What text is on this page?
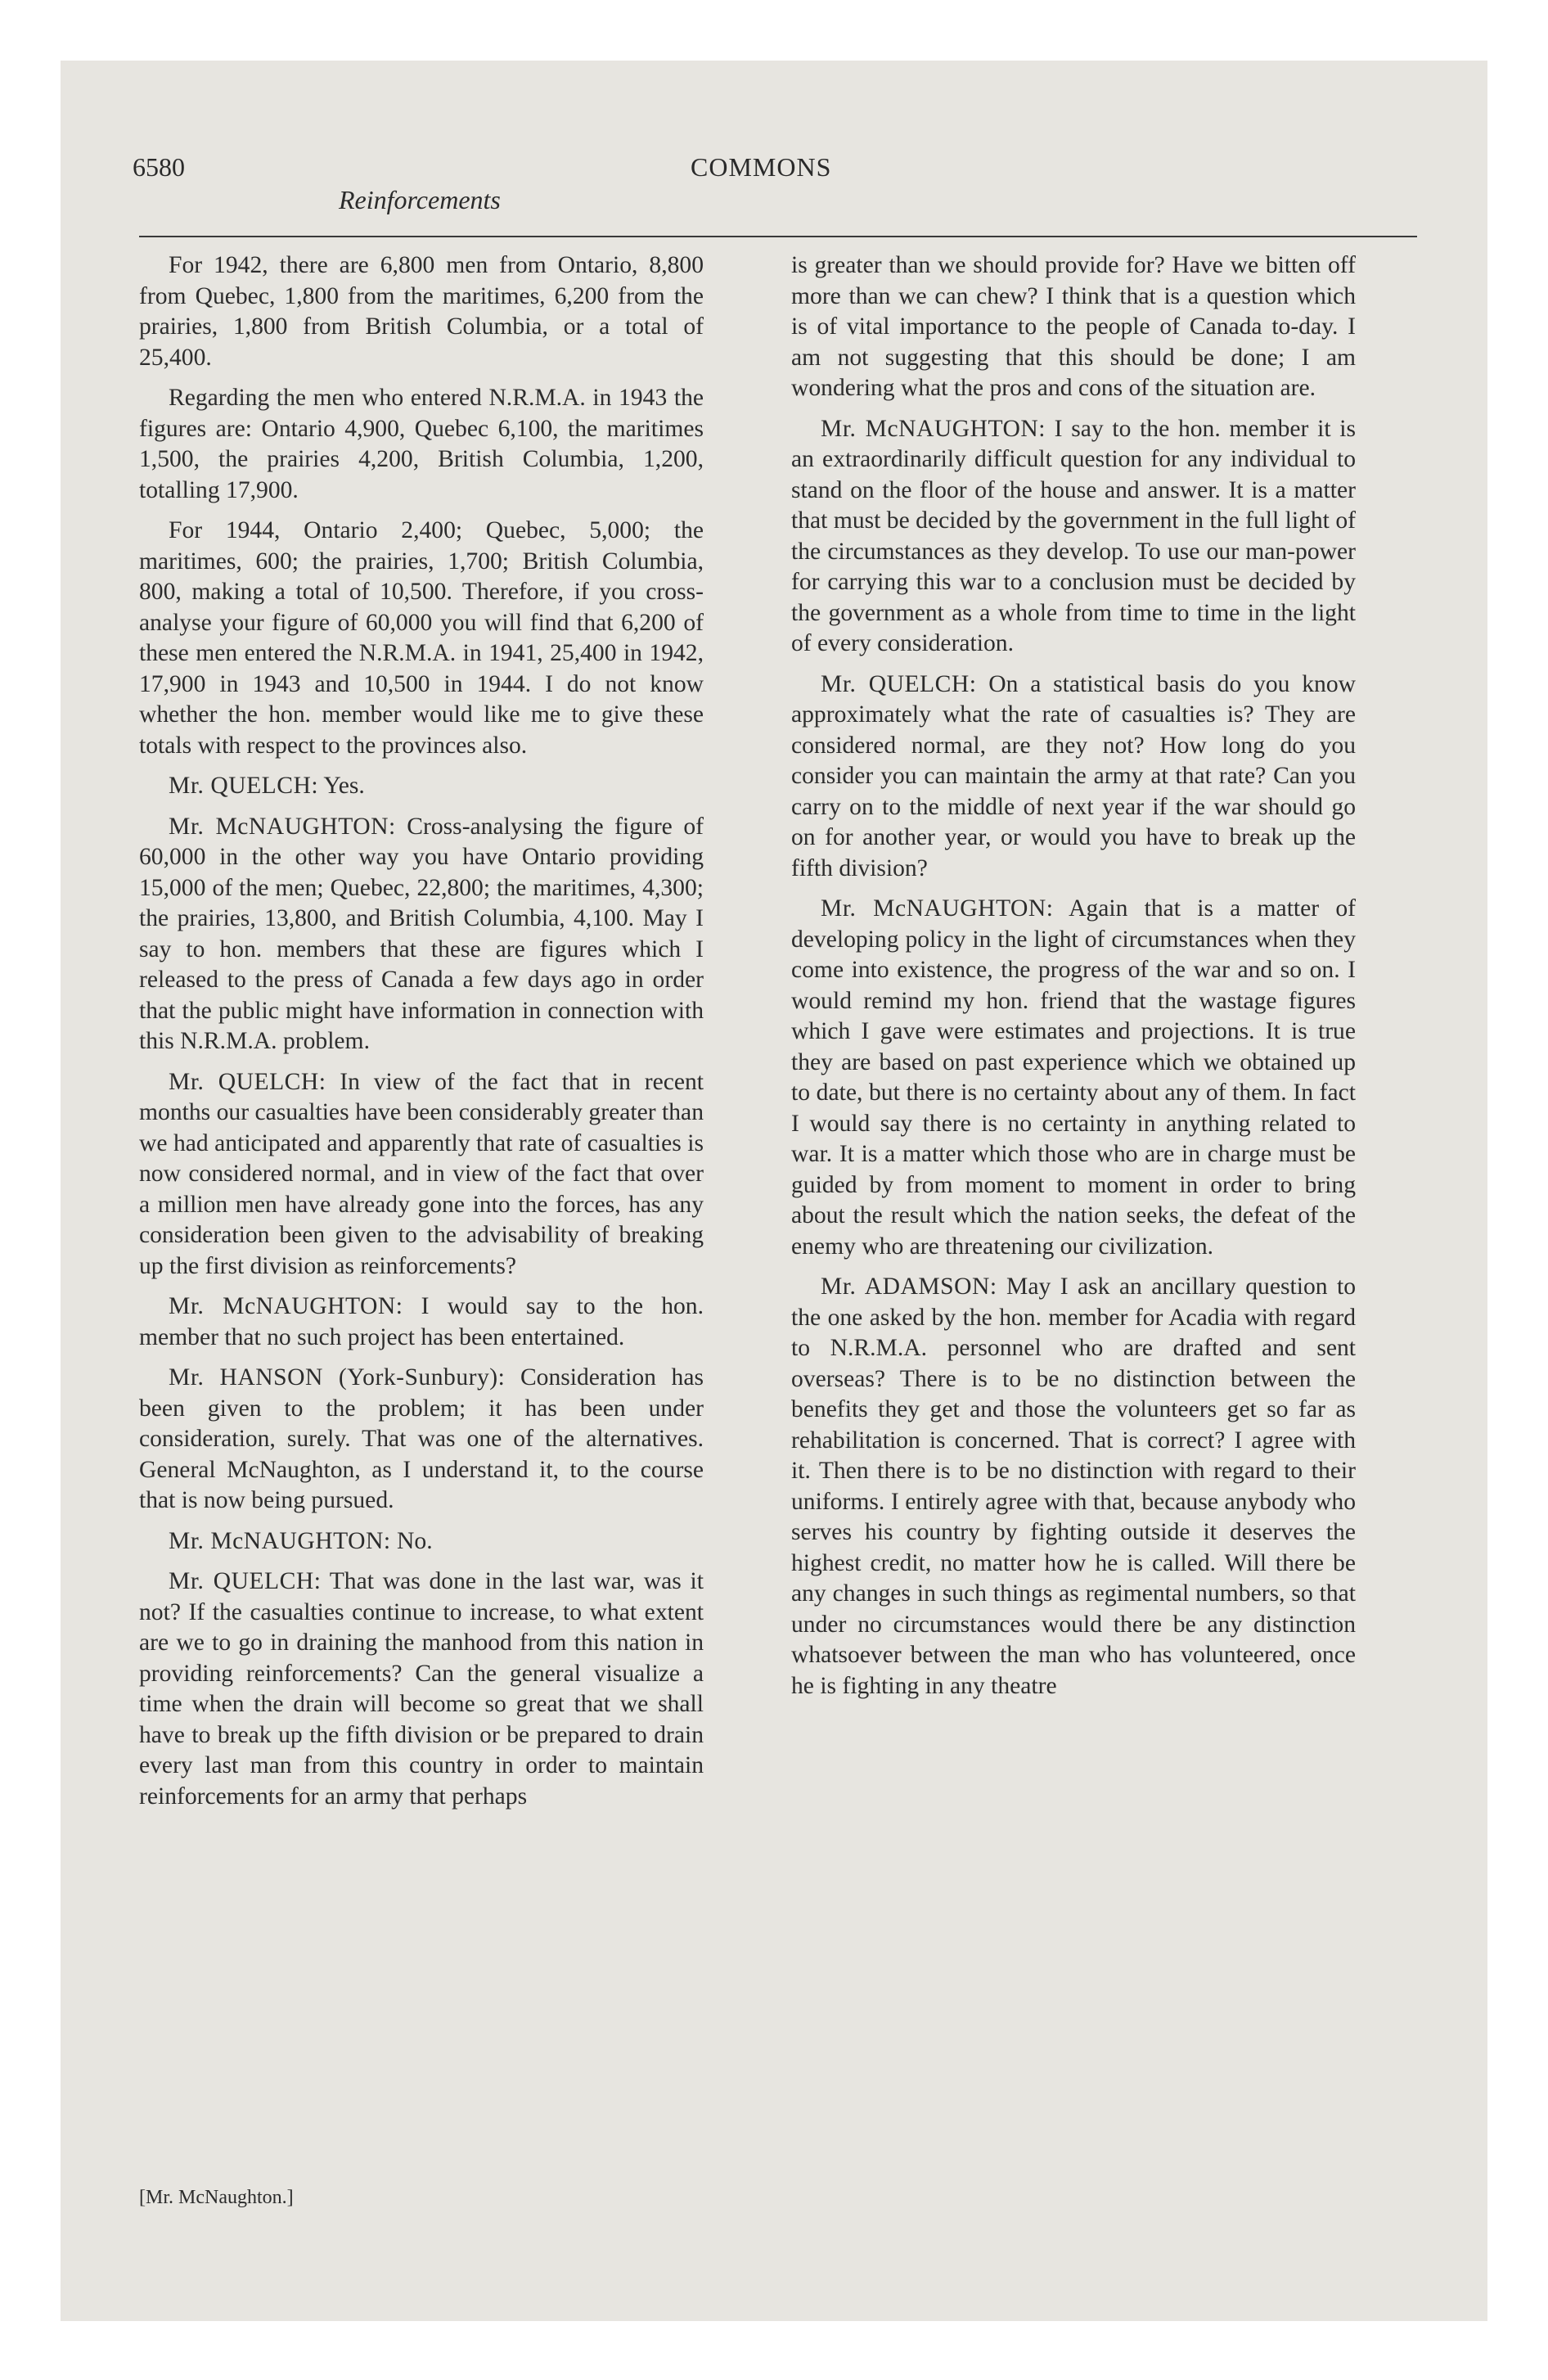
6580	COMMONS
Reinforcements

For 1942, there are 6,800 men from Ontario, 8,800 from Quebec, 1,800 from the maritimes, 6,200 from the prairies, 1,800 from British Columbia, or a total of 25,400.

Regarding the men who entered N.R.M.A. in 1943 the figures are: Ontario 4,900, Quebec 6,100, the maritimes 1,500, the prairies 4,200, British Columbia, 1,200, totalling 17,900.

For 1944, Ontario 2,400; Quebec, 5,000; the maritimes, 600; the prairies, 1,700; British Columbia, 800, making a total of 10,500. Therefore, if you cross-analyse your figure of 60,000 you will find that 6,200 of these men entered the N.R.M.A. in 1941, 25,400 in 1942, 17,900 in 1943 and 10,500 in 1944. I do not know whether the hon. member would like me to give these totals with respect to the provinces also.

Mr. QUELCH: Yes.

Mr. McNAUGHTON: Cross-analysing the figure of 60,000 in the other way you have Ontario providing 15,000 of the men; Quebec, 22,800; the maritimes, 4,300; the prairies, 13,800, and British Columbia, 4,100. May I say to hon. members that these are figures which I released to the press of Canada a few days ago in order that the public might have information in connection with this N.R.M.A. problem.

Mr. QUELCH: In view of the fact that in recent months our casualties have been considerably greater than we had anticipated and apparently that rate of casualties is now considered normal, and in view of the fact that over a million men have already gone into the forces, has any consideration been given to the advisability of breaking up the first division as reinforcements?

Mr. McNAUGHTON: I would say to the hon. member that no such project has been entertained.

Mr. HANSON (York-Sunbury): Consideration has been given to the problem; it has been under consideration, surely. That was one of the alternatives. General McNaughton, as I understand it, to the course that is now being pursued.

Mr. McNAUGHTON: No.

Mr. QUELCH: That was done in the last war, was it not? If the casualties continue to increase, to what extent are we to go in draining the manhood from this nation in providing reinforcements? Can the general visualize a time when the drain will become so great that we shall have to break up the fifth division or be prepared to drain every last man from this country in order to maintain reinforcements for an army that perhaps

is greater than we should provide for? Have we bitten off more than we can chew? I think that is a question which is of vital importance to the people of Canada to-day. I am not suggesting that this should be done; I am wondering what the pros and cons of the situation are.

Mr. McNAUGHTON: I say to the hon. member it is an extraordinarily difficult question for any individual to stand on the floor of the house and answer. It is a matter that must be decided by the government in the full light of the circumstances as they develop. To use our man-power for carrying this war to a conclusion must be decided by the government as a whole from time to time in the light of every consideration.

Mr. QUELCH: On a statistical basis do you know approximately what the rate of casualties is? They are considered normal, are they not? How long do you consider you can maintain the army at that rate? Can you carry on to the middle of next year if the war should go on for another year, or would you have to break up the fifth division?

Mr. McNAUGHTON: Again that is a matter of developing policy in the light of circumstances when they come into existence, the progress of the war and so on. I would remind my hon. friend that the wastage figures which I gave were estimates and projections. It is true they are based on past experience which we obtained up to date, but there is no certainty about any of them. In fact I would say there is no certainty in anything related to war. It is a matter which those who are in charge must be guided by from moment to moment in order to bring about the result which the nation seeks, the defeat of the enemy who are threatening our civilization.

Mr. ADAMSON: May I ask an ancillary question to the one asked by the hon. member for Acadia with regard to N.R.M.A. personnel who are drafted and sent overseas? There is to be no distinction between the benefits they get and those the volunteers get so far as rehabilitation is concerned. That is correct? I agree with it. Then there is to be no distinction with regard to their uniforms. I entirely agree with that, because anybody who serves his country by fighting outside it deserves the highest credit, no matter how he is called. Will there be any changes in such things as regimental numbers, so that under no circumstances would there be any distinction whatsoever between the man who has volunteered, once he is fighting in any theatre

[Mr. McNaughton.]
